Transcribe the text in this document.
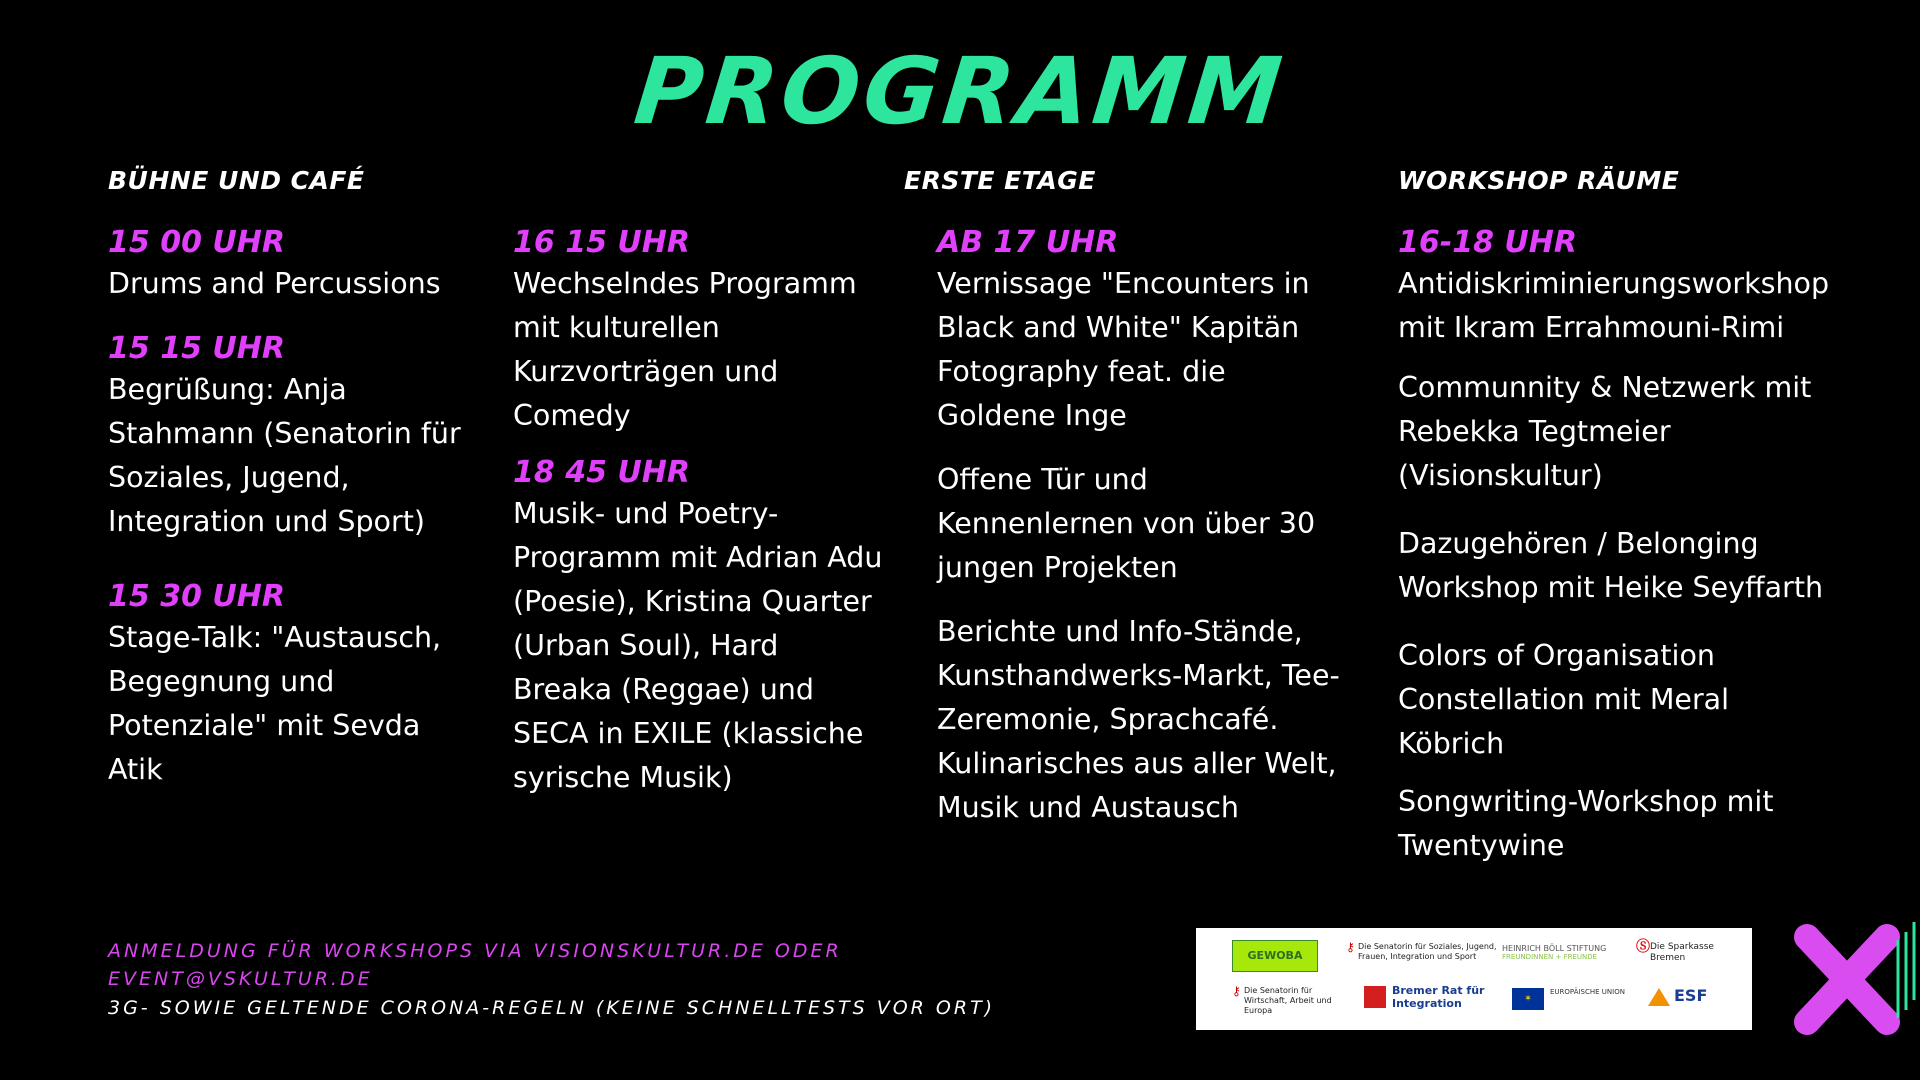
PROGRAMM
BÜHNE UND CAFÉ	ERSTE ETAGE	WORKSHOP RÄUME
15 00 UHR
Drums and Percussions
15 15 UHR
Begrüßung: Anja Stahmann (Senatorin für Soziales, Jugend, Integration und Sport)
15 30 UHR
Stage-Talk: "Austausch, Begegnung und Potenziale" mit Sevda Atik
16 15 UHR
Wechselndes Programm mit kulturellen Kurzvorträgen und Comedy
18 45 UHR
Musik- und Poetry-Programm mit Adrian Adu (Poesie), Kristina Quarter (Urban Soul), Hard Breaka (Reggae) und SECA in EXILE (klassiche syrische Musik)
AB 17 UHR
Vernissage "Encounters in Black and White" Kapitän Fotography feat. die Goldene Inge
Offene Tür und Kennenlernen von über 30 jungen Projekten
Berichte und Info-Stände, Kunsthandwerks-Markt, Tee-Zeremonie, Sprachcafé. Kulinarisches aus aller Welt, Musik und Austausch
16-18 UHR
Antidiskriminierungsworkshop mit Ikram Errahmouni-Rimi
Communnity & Netzwerk mit Rebekka Tegtmeier (Visionskultur)
Dazugehören / Belonging Workshop mit Heike Seyffarth
Colors of Organisation Constellation mit Meral Köbrich
Songwriting-Workshop mit Twentywine
ANMELDUNG FÜR WORKSHOPS VIA VISIONSKULTUR.DE ODER
EVENT@VSKULTUR.DE
3G- SOWIE GELTENDE CORONA-REGELN (KEINE SCHNELLTESTS VOR ORT)
GEWOBA
⚷ Die Senatorin für Soziales, Jugend, Frauen, Integration und Sport
HEINRICH BÖLL STIFTUNG
FREUNDINNEN + FREUNDE
Ⓢ Die Sparkasse Bremen
⚷ Die Senatorin für Wirtschaft, Arbeit und Europa
Bremer Rat für Integration	✶
EUROPÄISCHE UNION	ESF
